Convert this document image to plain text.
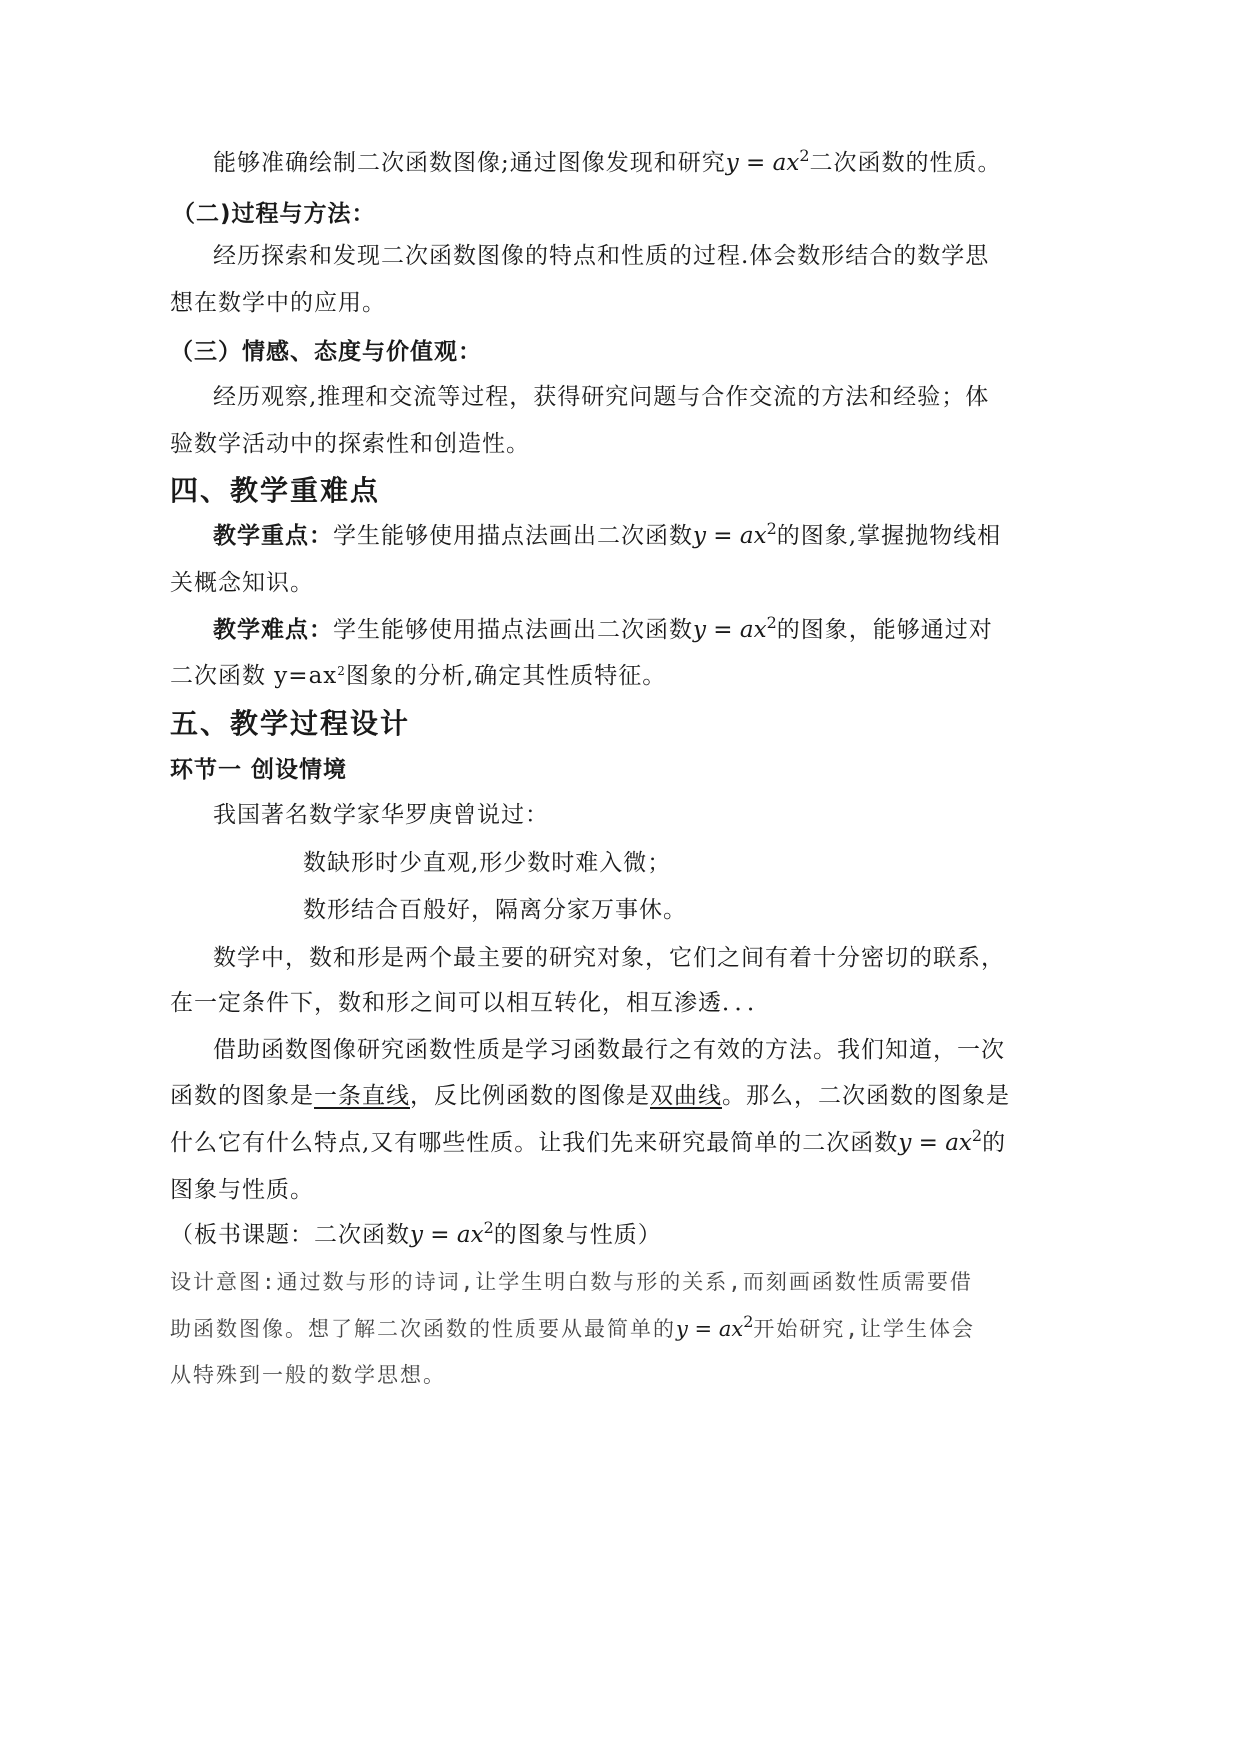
能够准确绘制二次函数图像;通过图像发现和研究$y = ax^2$二次函数的性质。
（二)过程与方法：
经历探索和发现二次函数图像的特点和性质的过程.体会数形结合的数学思
想在数学中的应用。
（三）情感、态度与价值观：
经历观察,推理和交流等过程，获得研究问题与合作交流的方法和经验；体
验数学活动中的探索性和创造性。
四、教学重难点
教学重点：学生能够使用描点法画出二次函数$y = ax^2$的图象,掌握抛物线相
关概念知识。
教学难点：学生能够使用描点法画出二次函数$y = ax^2$的图象，能够通过对
二次函数 $y=ax^2$图象的分析,确定其性质特征。
五、教学过程设计
环节一 创设情境
我国著名数学家华罗庚曾说过：
数缺形时少直观,形少数时难入微；
数形结合百般好，隔离分家万事休。
数学中，数和形是两个最主要的研究对象，它们之间有着十分密切的联系，
在一定条件下，数和形之间可以相互转化，相互渗透．．．
借助函数图像研究函数性质是学习函数最行之有效的方法。我们知道，一次
函数的图象是一条直线，反比例函数的图像是双曲线。那么，二次函数的图象是
什么它有什么特点,又有哪些性质。让我们先来研究最简单的二次函数$y = ax^2$的
图象与性质。
（板书课题：二次函数$y = ax^2$的图象与性质）
设计意图:通过数与形的诗词,让学生明白数与形的关系,而刻画函数性质需要借
助函数图像。想了解二次函数的性质要从最简单的$y = ax^2$开始研究,让学生体会
从特殊到一般的数学思想。
